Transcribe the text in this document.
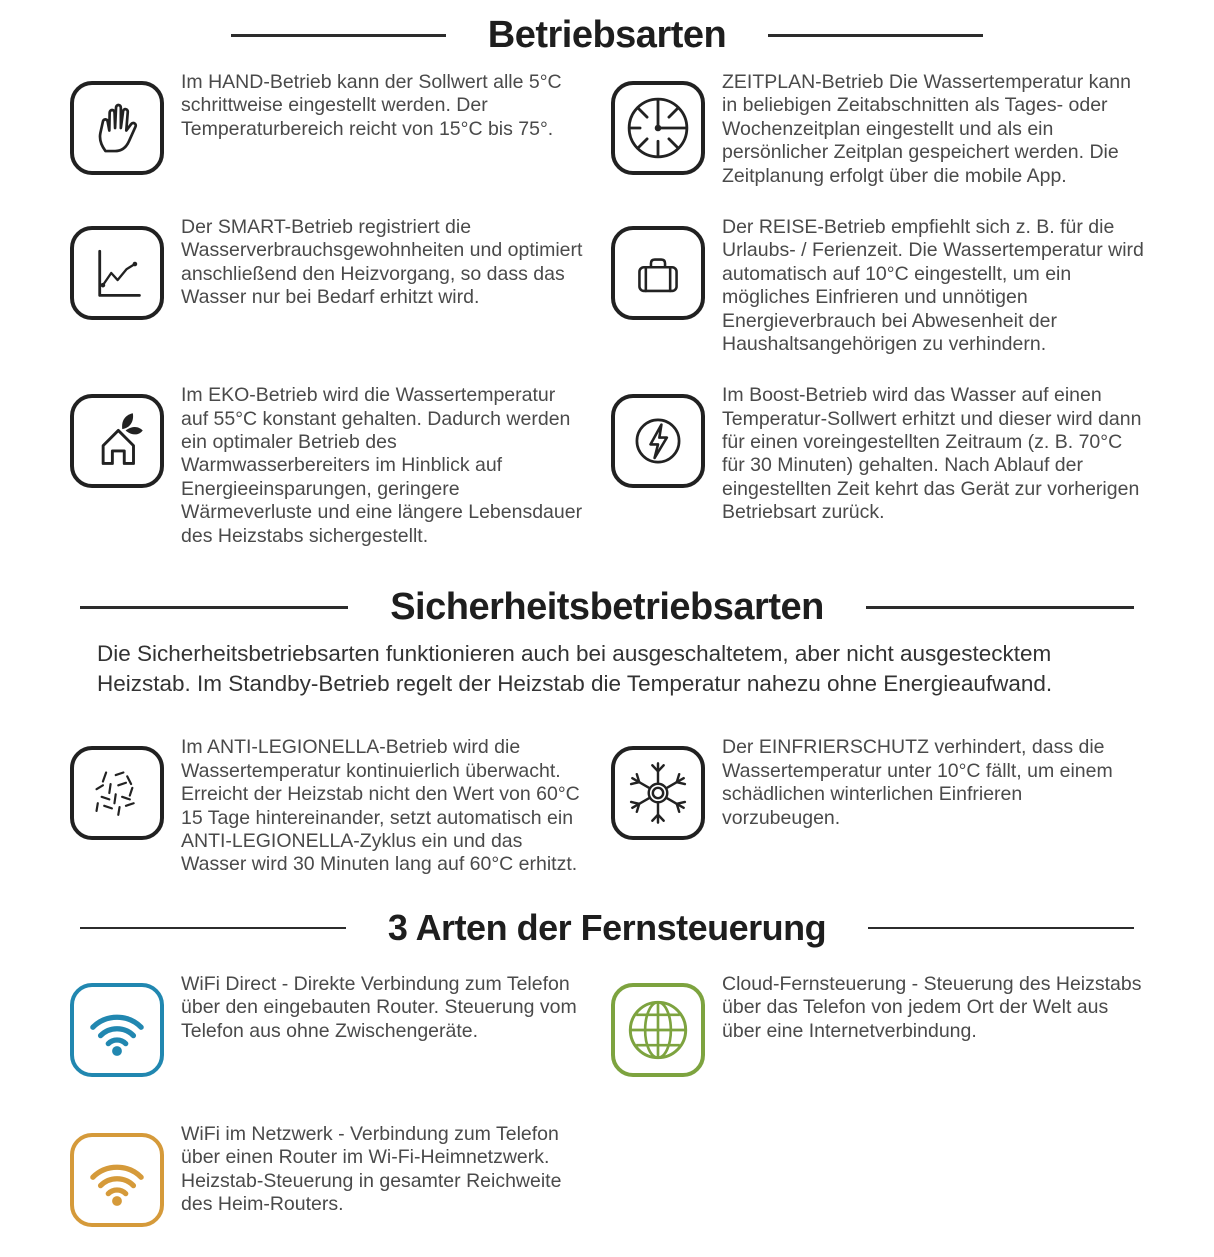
Betriebsarten

Im HAND-Betrieb kann der Sollwert alle 5°C schrittweise eingestellt werden. Der Temperaturbereich reicht von 15°C bis 75°.

ZEITPLAN-Betrieb Die Wassertemperatur kann in beliebigen Zeitabschnitten als Tages- oder Wochenzeitplan eingestellt und als ein persönlicher Zeitplan gespeichert werden. Die Zeitplanung erfolgt über die mobile App.

Der SMART-Betrieb registriert die Wasserverbrauchsgewohnheiten und optimiert anschließend den Heizvorgang, so dass das Wasser nur bei Bedarf erhitzt wird.

Der REISE-Betrieb empfiehlt sich z. B. für die Urlaubs- / Ferienzeit. Die Wassertemperatur wird automatisch auf 10°C eingestellt, um ein mögliches Einfrieren und unnötigen Energieverbrauch bei Abwesenheit der Haushaltsangehörigen zu verhindern.

Im EKO-Betrieb wird die Wassertemperatur auf 55°C konstant gehalten. Dadurch werden ein optimaler Betrieb des Warmwasserbereiters im Hinblick auf Energieeinsparungen, geringere Wärmeverluste und eine längere Lebensdauer des Heizstabs sichergestellt.

Im Boost-Betrieb wird das Wasser auf einen Temperatur-Sollwert erhitzt und dieser wird dann für einen voreingestellten Zeitraum (z. B. 70°C für 30 Minuten) gehalten. Nach Ablauf der eingestellten Zeit kehrt das Gerät zur vorherigen Betriebsart zurück.

Sicherheitsbetriebsarten

Die Sicherheitsbetriebsarten funktionieren auch bei ausgeschaltetem, aber nicht ausgestecktem Heizstab. Im Standby-Betrieb regelt der Heizstab die Temperatur nahezu ohne Energieaufwand.

Im ANTI-LEGIONELLA-Betrieb wird die Wassertemperatur kontinuierlich überwacht. Erreicht der Heizstab nicht den Wert von 60°C 15 Tage hintereinander, setzt automatisch ein ANTI-LEGIONELLA-Zyklus ein und das Wasser wird 30 Minuten lang auf 60°C erhitzt.

Der EINFRIERSCHUTZ verhindert, dass die Wassertemperatur unter 10°C fällt, um einem schädlichen winterlichen Einfrieren vorzubeugen.

3 Arten der Fernsteuerung

WiFi Direct - Direkte Verbindung zum Telefon über den eingebauten Router. Steuerung vom Telefon aus ohne Zwischengeräte.

Cloud-Fernsteuerung - Steuerung des Heizstabs über das Telefon von jedem Ort der Welt aus über eine Internetverbindung.

WiFi im Netzwerk - Verbindung zum Telefon über einen Router im Wi-Fi-Heimnetzwerk. Heizstab-Steuerung in gesamter Reichweite des Heim-Routers.
